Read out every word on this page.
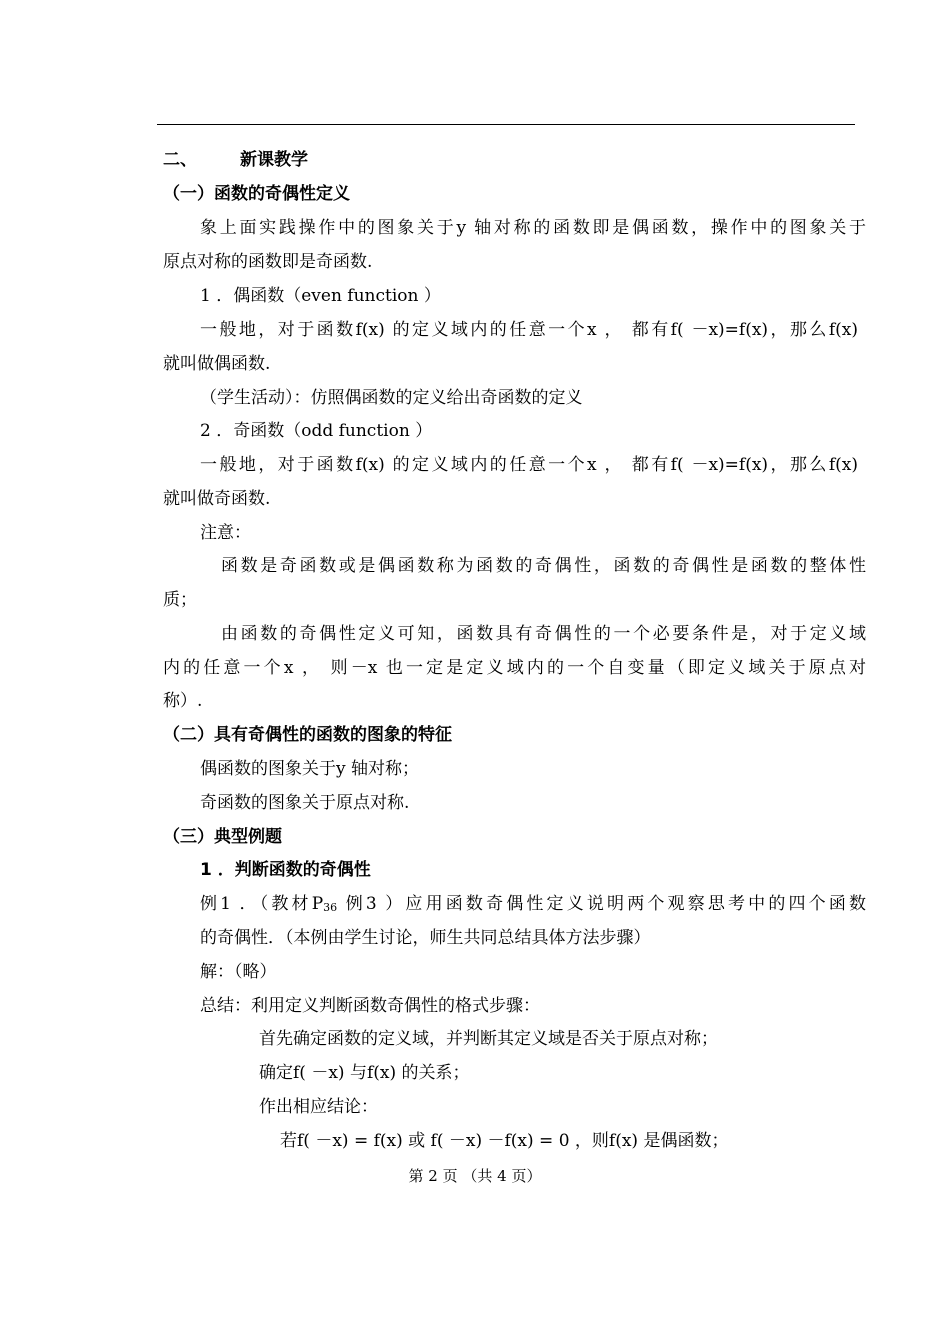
二、	新课教学
（一）函数的奇偶性定义
象上面实践操作中的图象关于y 轴对称的函数即是偶函数，操作中的图象关于
原点对称的函数即是奇函数.
1 ．偶函数（even function ）
一般地，对于函数f(x) 的定义域内的任意一个x ， 都有f( －x)=f(x)，那么f(x)
就叫做偶函数.
（学生活动）：仿照偶函数的定义给出奇函数的定义
2 ．奇函数（odd function ）
一般地，对于函数f(x) 的定义域内的任意一个x ， 都有f( －x)=f(x)，那么f(x)
就叫做奇函数.
注意：
函数是奇函数或是偶函数称为函数的奇偶性，函数的奇偶性是函数的整体性
质；
由函数的奇偶性定义可知，函数具有奇偶性的一个必要条件是，对于定义域
内的任意一个x ， 则－x 也一定是定义域内的一个自变量（即定义域关于原点对
称）.
（二）具有奇偶性的函数的图象的特征
偶函数的图象关于y 轴对称；
奇函数的图象关于原点对称.
（三）典型例题
1 ．判断函数的奇偶性
例1 ．（教材P36 例3 ）应用函数奇偶性定义说明两个观察思考中的四个函数
的奇偶性．（本例由学生讨论，师生共同总结具体方法步骤）
解：（略）
总结：利用定义判断函数奇偶性的格式步骤：
首先确定函数的定义域，并判断其定义域是否关于原点对称；
确定f( －x) 与f(x) 的关系；
作出相应结论：
若f( －x) = f(x) 或 f( －x) －f(x) = 0 ，则f(x) 是偶函数；
第 2 页 （共 4 页）
